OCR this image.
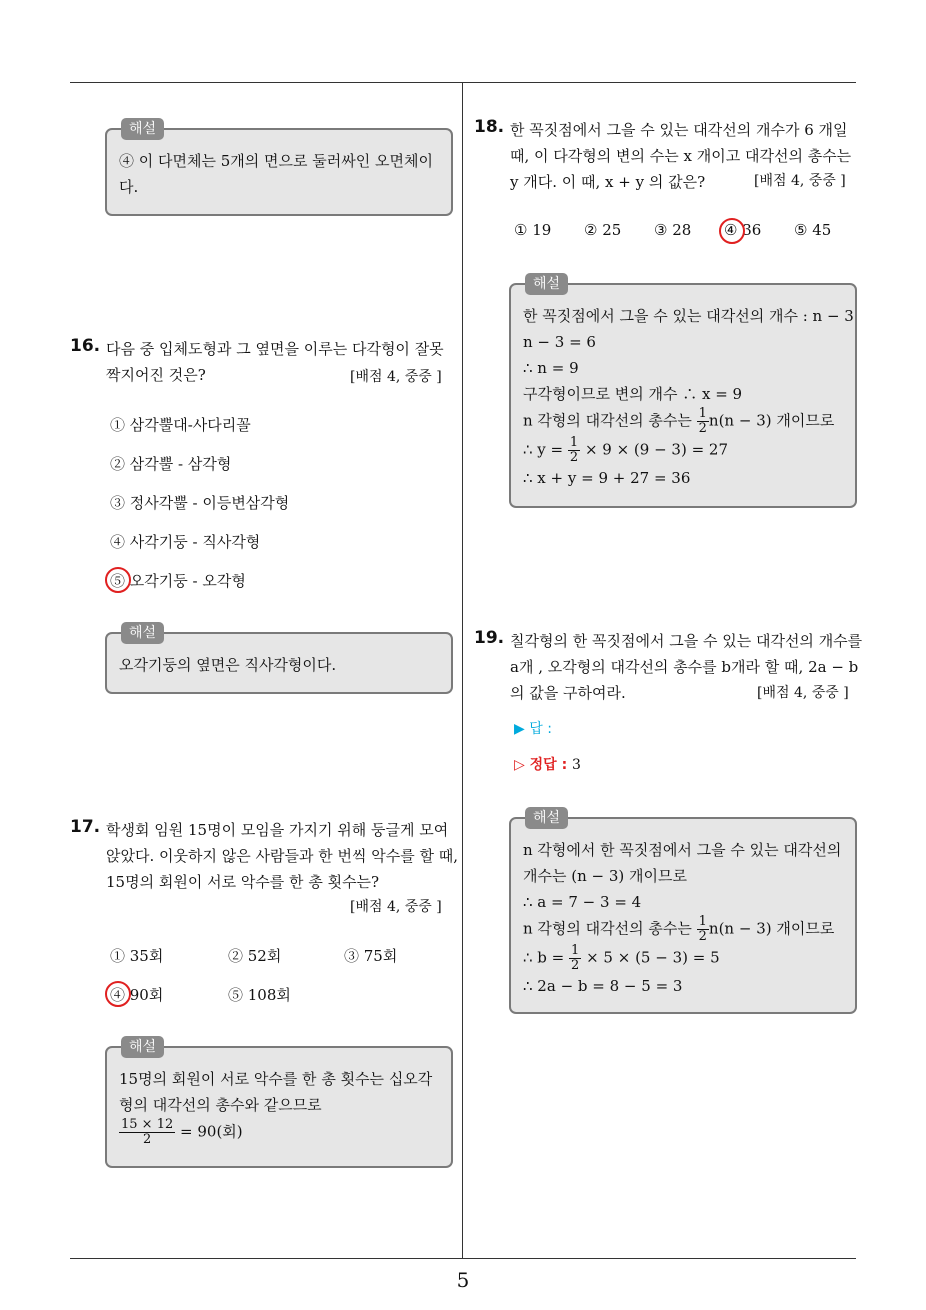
5
해설
④ 이 다면체는 5개의 면으로 둘러싸인 오면체이
다.
16. 다음 중 입체도형과 그 옆면을 이루는 다각형이 잘못
짝지어진 것은?	[배점 4, 중중 ]
① 삼각뿔대-사다리꼴
② 삼각뿔 - 삼각형
③ 정사각뿔 - 이등변삼각형
④ 사각기둥 - 직사각형
⑤ 오각기둥 - 오각형
해설
오각기둥의 옆면은 직사각형이다.
17. 학생회 임원 15명이 모임을 가지기 위해 둥글게 모여
앉았다. 이웃하지 않은 사람들과 한 번씩 악수를 할 때,
15명의 회원이 서로 악수를 한 총 횟수는?
[배점 4, 중중 ]
① 35회	② 52회	③ 75회
④ 90회	⑤ 108회
해설
15명의 회원이 서로 악수를 한 총 횟수는 십오각
형의 대각선의 총수와 같으므로
$\frac{15 \times 12}{2} = 90$(회)
18. 한 꼭짓점에서 그을 수 있는 대각선의 개수가 6 개일
때, 이 다각형의 변의 수는 x 개이고 대각선의 총수는
y 개다. 이 때, x + y 의 값은?	[배점 4, 중중 ]
① 19 ② 25 ③ 28 ④ 36 ⑤ 45
해설
한 꼭짓점에서 그을 수 있는 대각선의 개수 : n − 3
n − 3 = 6
∴ n = 9
구각형이므로 변의 개수 ∴ x = 9
n 각형의 대각선의 총수는 $\frac{1}{2} n(n - 3)$ 개이므로
∴ $y = \frac{1}{2} \times 9 \times (9 - 3) = 27$
∴ x + y = 9 + 27 = 36
19. 칠각형의 한 꼭짓점에서 그을 수 있는 대각선의 개수를
a개 , 오각형의 대각선의 총수를 b개라 할 때, 2a − b
의 값을 구하여라.	[배점 4, 중중 ]
▶ 답 :
▷ 정답 : 3
해설
n 각형에서 한 꼭짓점에서 그을 수 있는 대각선의
개수는 (n − 3) 개이므로
∴ a = 7 − 3 = 4
n 각형의 대각선의 총수는 $\frac{1}{2} n(n - 3)$ 개이므로
∴ $b = \frac{1}{2} \times 5 \times (5 - 3) = 5$
∴ 2a − b = 8 − 5 = 3
